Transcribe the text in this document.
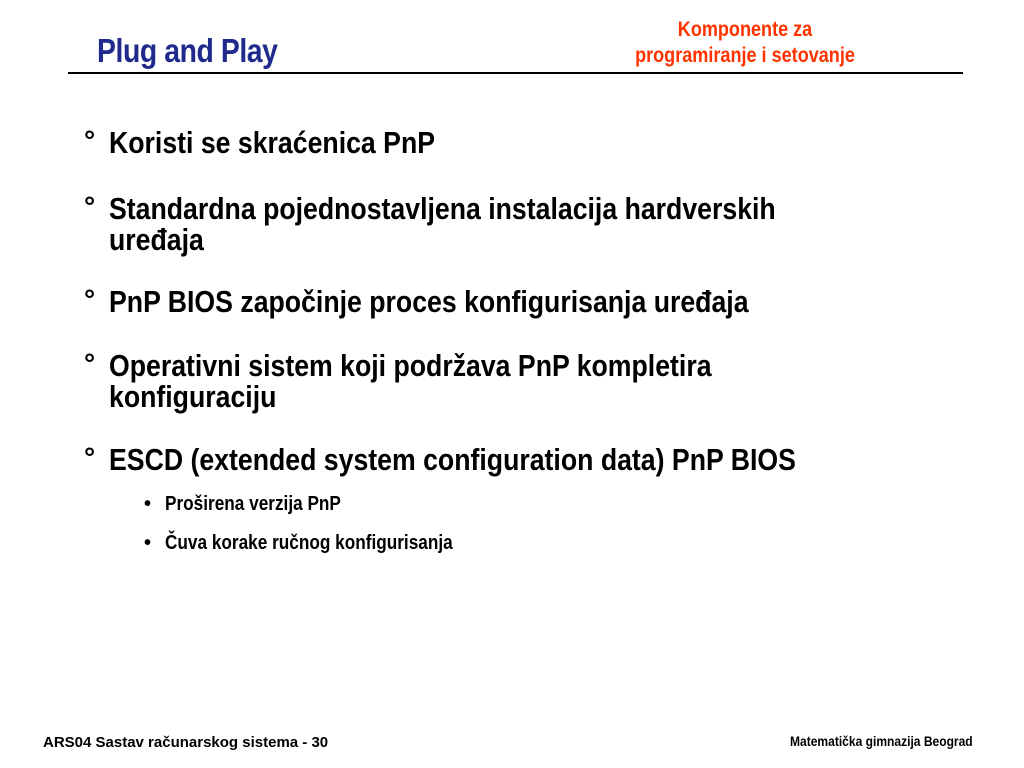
Plug and Play
Komponente za
programiranje i setovanje
° Koristi se skraćenica PnP
° Standardna pojednostavljena instalacija hardverskih
uređaja
° PnP BIOS započinje proces konfigurisanja uređaja
° Operativni sistem koji podržava PnP kompletira
konfiguraciju
° ESCD (extended system configuration data) PnP BIOS
• Proširena verzija PnP
• Čuva korake ručnog konfigurisanja
ARS04 Sastav računarskog sistema - 30	Matematička gimnazija Beograd
